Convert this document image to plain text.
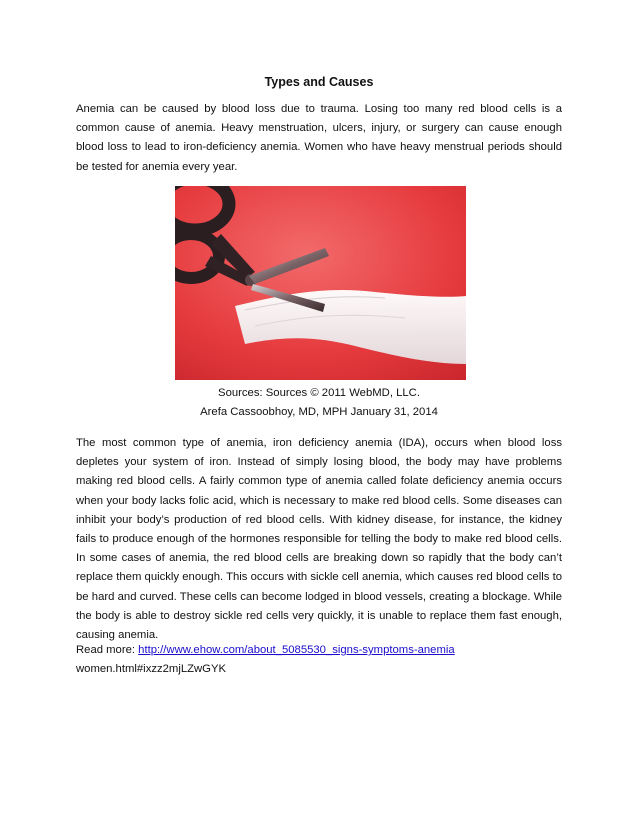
Types and Causes

Anemia can be caused by blood loss due to trauma. Losing too many red blood cells is a common cause of anemia. Heavy menstruation, ulcers, injury, or surgery can cause enough blood loss to lead to iron-deficiency anemia. Women who have heavy menstrual periods should be tested for anemia every year.

Sources: Sources © 2011 WebMD, LLC.
Arefa Cassoobhoy, MD, MPH January 31, 2014

The most common type of anemia, iron deficiency anemia (IDA), occurs when blood loss depletes your system of iron. Instead of simply losing blood, the body may have problems making red blood cells. A fairly common type of anemia called folate deficiency anemia occurs when your body lacks folic acid, which is necessary to make red blood cells. Some diseases can inhibit your body’s production of red blood cells. With kidney disease, for instance, the kidney fails to produce enough of the hormones responsible for telling the body to make red blood cells. In some cases of anemia, the red blood cells are breaking down so rapidly that the body can’t replace them quickly enough. This occurs with sickle cell anemia, which causes red blood cells to be hard and curved. These cells can become lodged in blood vessels, creating a blockage. While the body is able to destroy sickle red cells very quickly, it is unable to replace them fast enough, causing anemia.

Read more: http://www.ehow.com/about_5085530_signs-symptoms-anemia
women.html#ixzz2mjLZwGYK
